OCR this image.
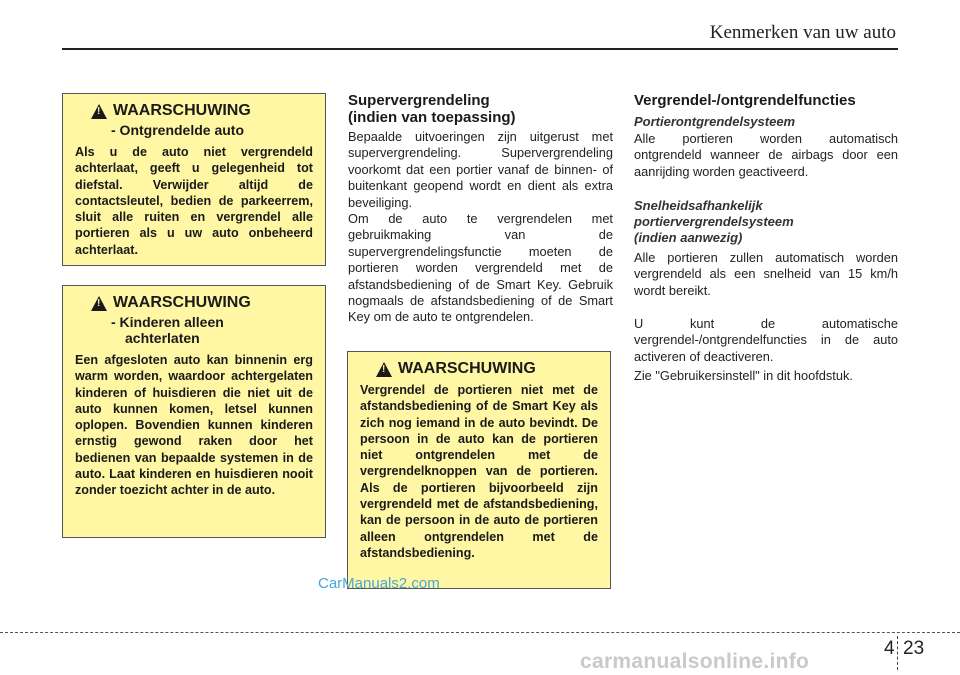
Kenmerken van uw auto
!
WAARSCHUWING
- Ontgrendelde auto
Als u de auto niet vergrendeld achterlaat, geeft u gelegenheid tot diefstal. Verwijder altijd de contactsleutel, bedien de parkeerrem, sluit alle ruiten en vergrendel alle portieren als u uw auto onbeheerd achterlaat.
!
WAARSCHUWING
- Kinderen alleen
achterlaten
Een afgesloten auto kan binnenin erg warm worden, waardoor achtergelaten kinderen of huisdieren die niet uit de auto kunnen komen, letsel kunnen oplopen. Bovendien kunnen kinderen ernstig gewond raken door het bedienen van bepaalde systemen in de auto. Laat kinderen en huisdieren nooit zonder toezicht achter in de auto.
Supervergrendeling
(indien van toepassing)
Bepaalde uitvoeringen zijn uitgerust met supervergrendeling. Supervergrendeling voorkomt dat een portier vanaf de binnen- of buitenkant geopend wordt en dient als extra beveiliging.
Om de auto te vergrendelen met gebruikmaking van de supervergrendelingsfunctie moeten de portieren worden vergrendeld met de afstandsbediening of de Smart Key. Gebruik nogmaals de afstandsbediening of de Smart Key om de auto te ontgrendelen.
!
WAARSCHUWING
Vergrendel de portieren niet met de afstandsbediening of de Smart Key als zich nog iemand in de auto bevindt. De persoon in de auto kan de portieren niet ontgrendelen met de vergrendelknoppen van de portieren. Als de portieren bijvoorbeeld zijn vergrendeld met de afstandsbediening, kan de persoon in de auto de portieren alleen ontgrendelen met de afstandsbediening.
Vergrendel-/ontgrendelfuncties
Portierontgrendelsysteem
Alle portieren worden automatisch ontgrendeld wanneer de airbags door een aanrijding worden geactiveerd.
Snelheidsafhankelijk
portiervergrendelsysteem
(indien aanwezig)
Alle portieren zullen automatisch worden vergrendeld als een snelheid van 15 km/h wordt bereikt.
U kunt de automatische vergrendel-/ontgrendelfuncties in de auto activeren of deactiveren.
Zie "Gebruikersinstell" in dit hoofdstuk.
CarManuals2.com
4 23
carmanualsonline.info
